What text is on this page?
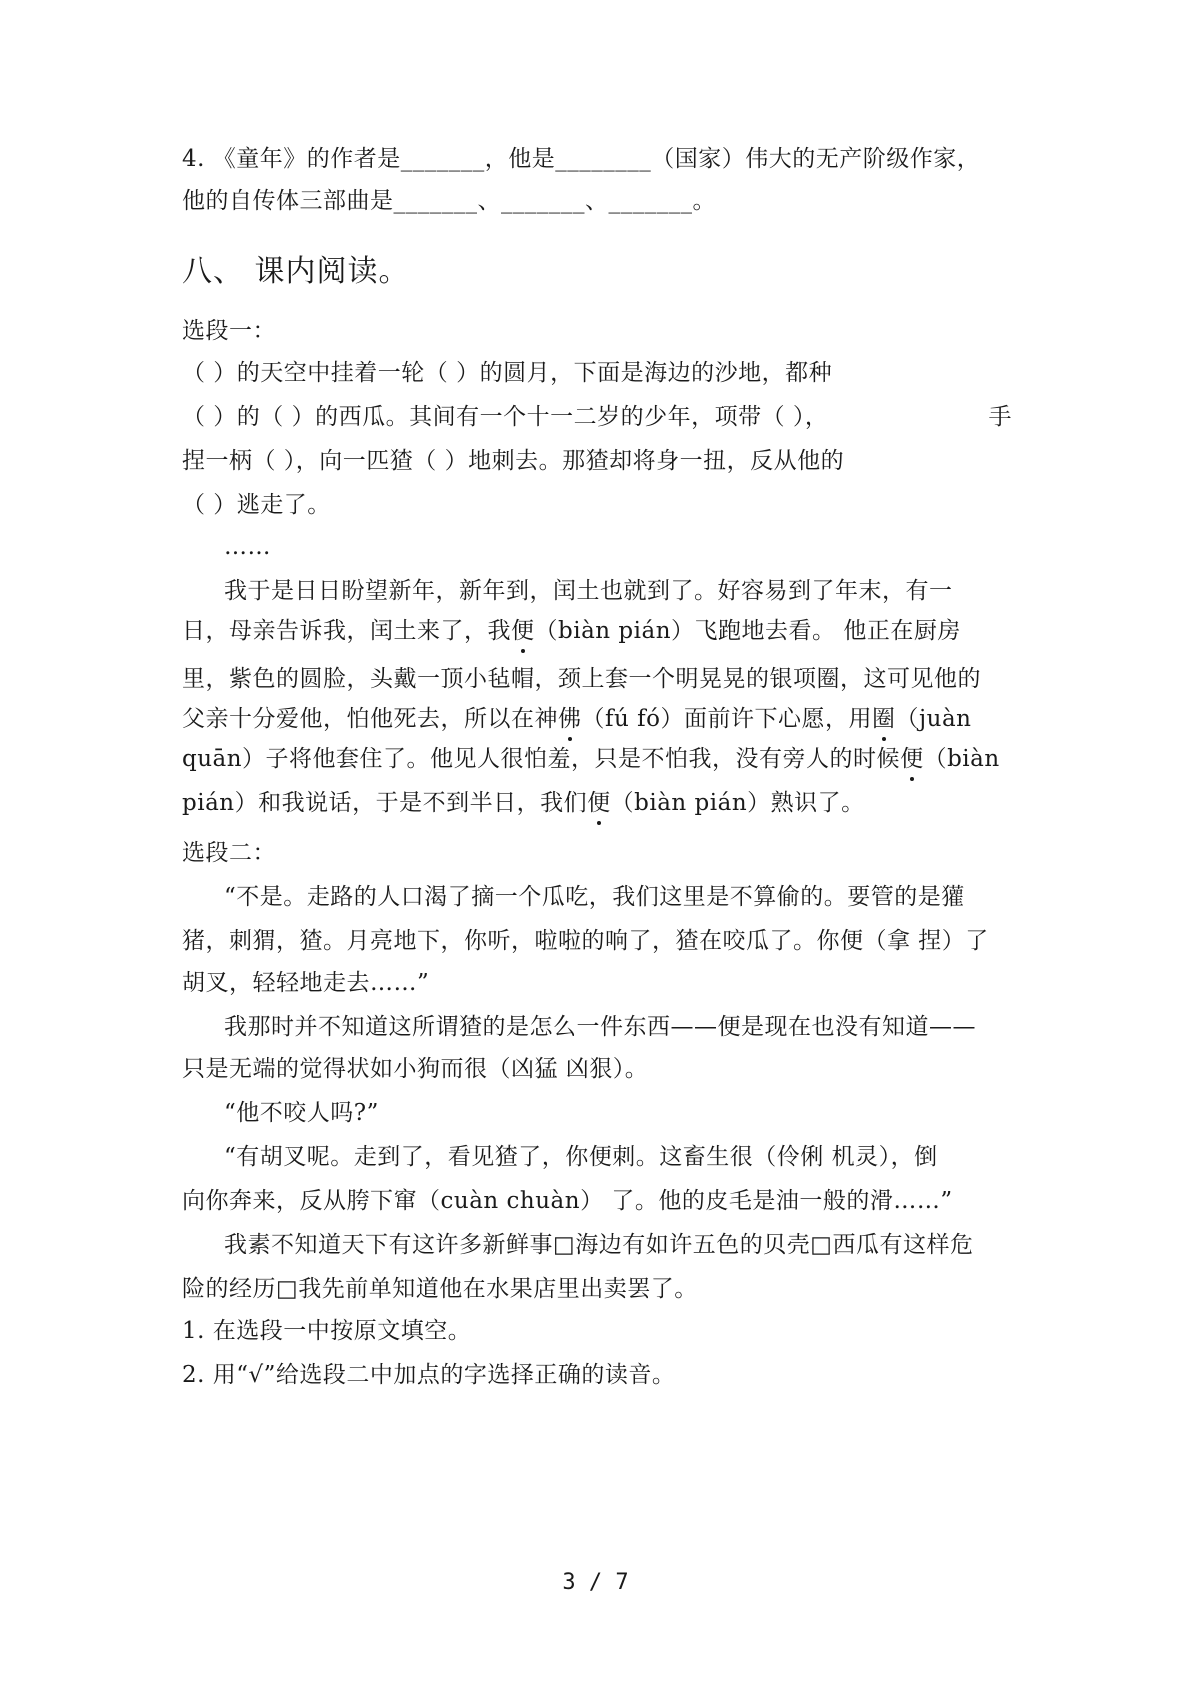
4. 《童年》的作者是_______，他是________（国家）伟大的无产阶级作家，
他的自传体三部曲是_______、_______、_______。
八、 课内阅读。
选段一：
（ ）的天空中挂着一轮（ ）的圆月，下面是海边的沙地，都种
（ ）的（ ）的西瓜。其间有一个十一二岁的少年，项带（ ），	手
捏一柄（ ），向一匹猹（ ）地刺去。那猹却将身一扭，反从他的
（ ）逃走了。
……
我于是日日盼望新年，新年到，闰土也就到了。好容易到了年末，有一
日，母亲告诉我，闰土来了，我便（biàn pián）飞跑地去看。 他正在厨房
里，紫色的圆脸，头戴一顶小毡帽，颈上套一个明晃晃的银项圈，这可见他的
父亲十分爱他，怕他死去，所以在神佛（fú fó）面前许下心愿，用圈（juàn
quān）子将他套住了。他见人很怕羞，只是不怕我，没有旁人的时候便（biàn
pián）和我说话，于是不到半日，我们便（biàn pián）熟识了。
选段二：
“不是。走路的人口渴了摘一个瓜吃，我们这里是不算偷的。要管的是獾
猪，刺猬，猹。月亮地下，你听，啦啦的响了，猹在咬瓜了。你便（拿 捏）了
胡叉，轻轻地走去……”
我那时并不知道这所谓猹的是怎么一件东西——便是现在也没有知道——
只是无端的觉得状如小狗而很（凶猛 凶狠）。
“他不咬人吗?”
“有胡叉呢。走到了，看见猹了，你便刺。这畜生很（伶俐 机灵），倒
向你奔来，反从胯下窜（cuàn chuàn） 了。他的皮毛是油一般的滑……”
我素不知道天下有这许多新鲜事□海边有如许五色的贝壳□西瓜有这样危
险的经历□我先前单知道他在水果店里出卖罢了。
1. 在选段一中按原文填空。
2. 用“√”给选段二中加点的字选择正确的读音。
3 / 7
